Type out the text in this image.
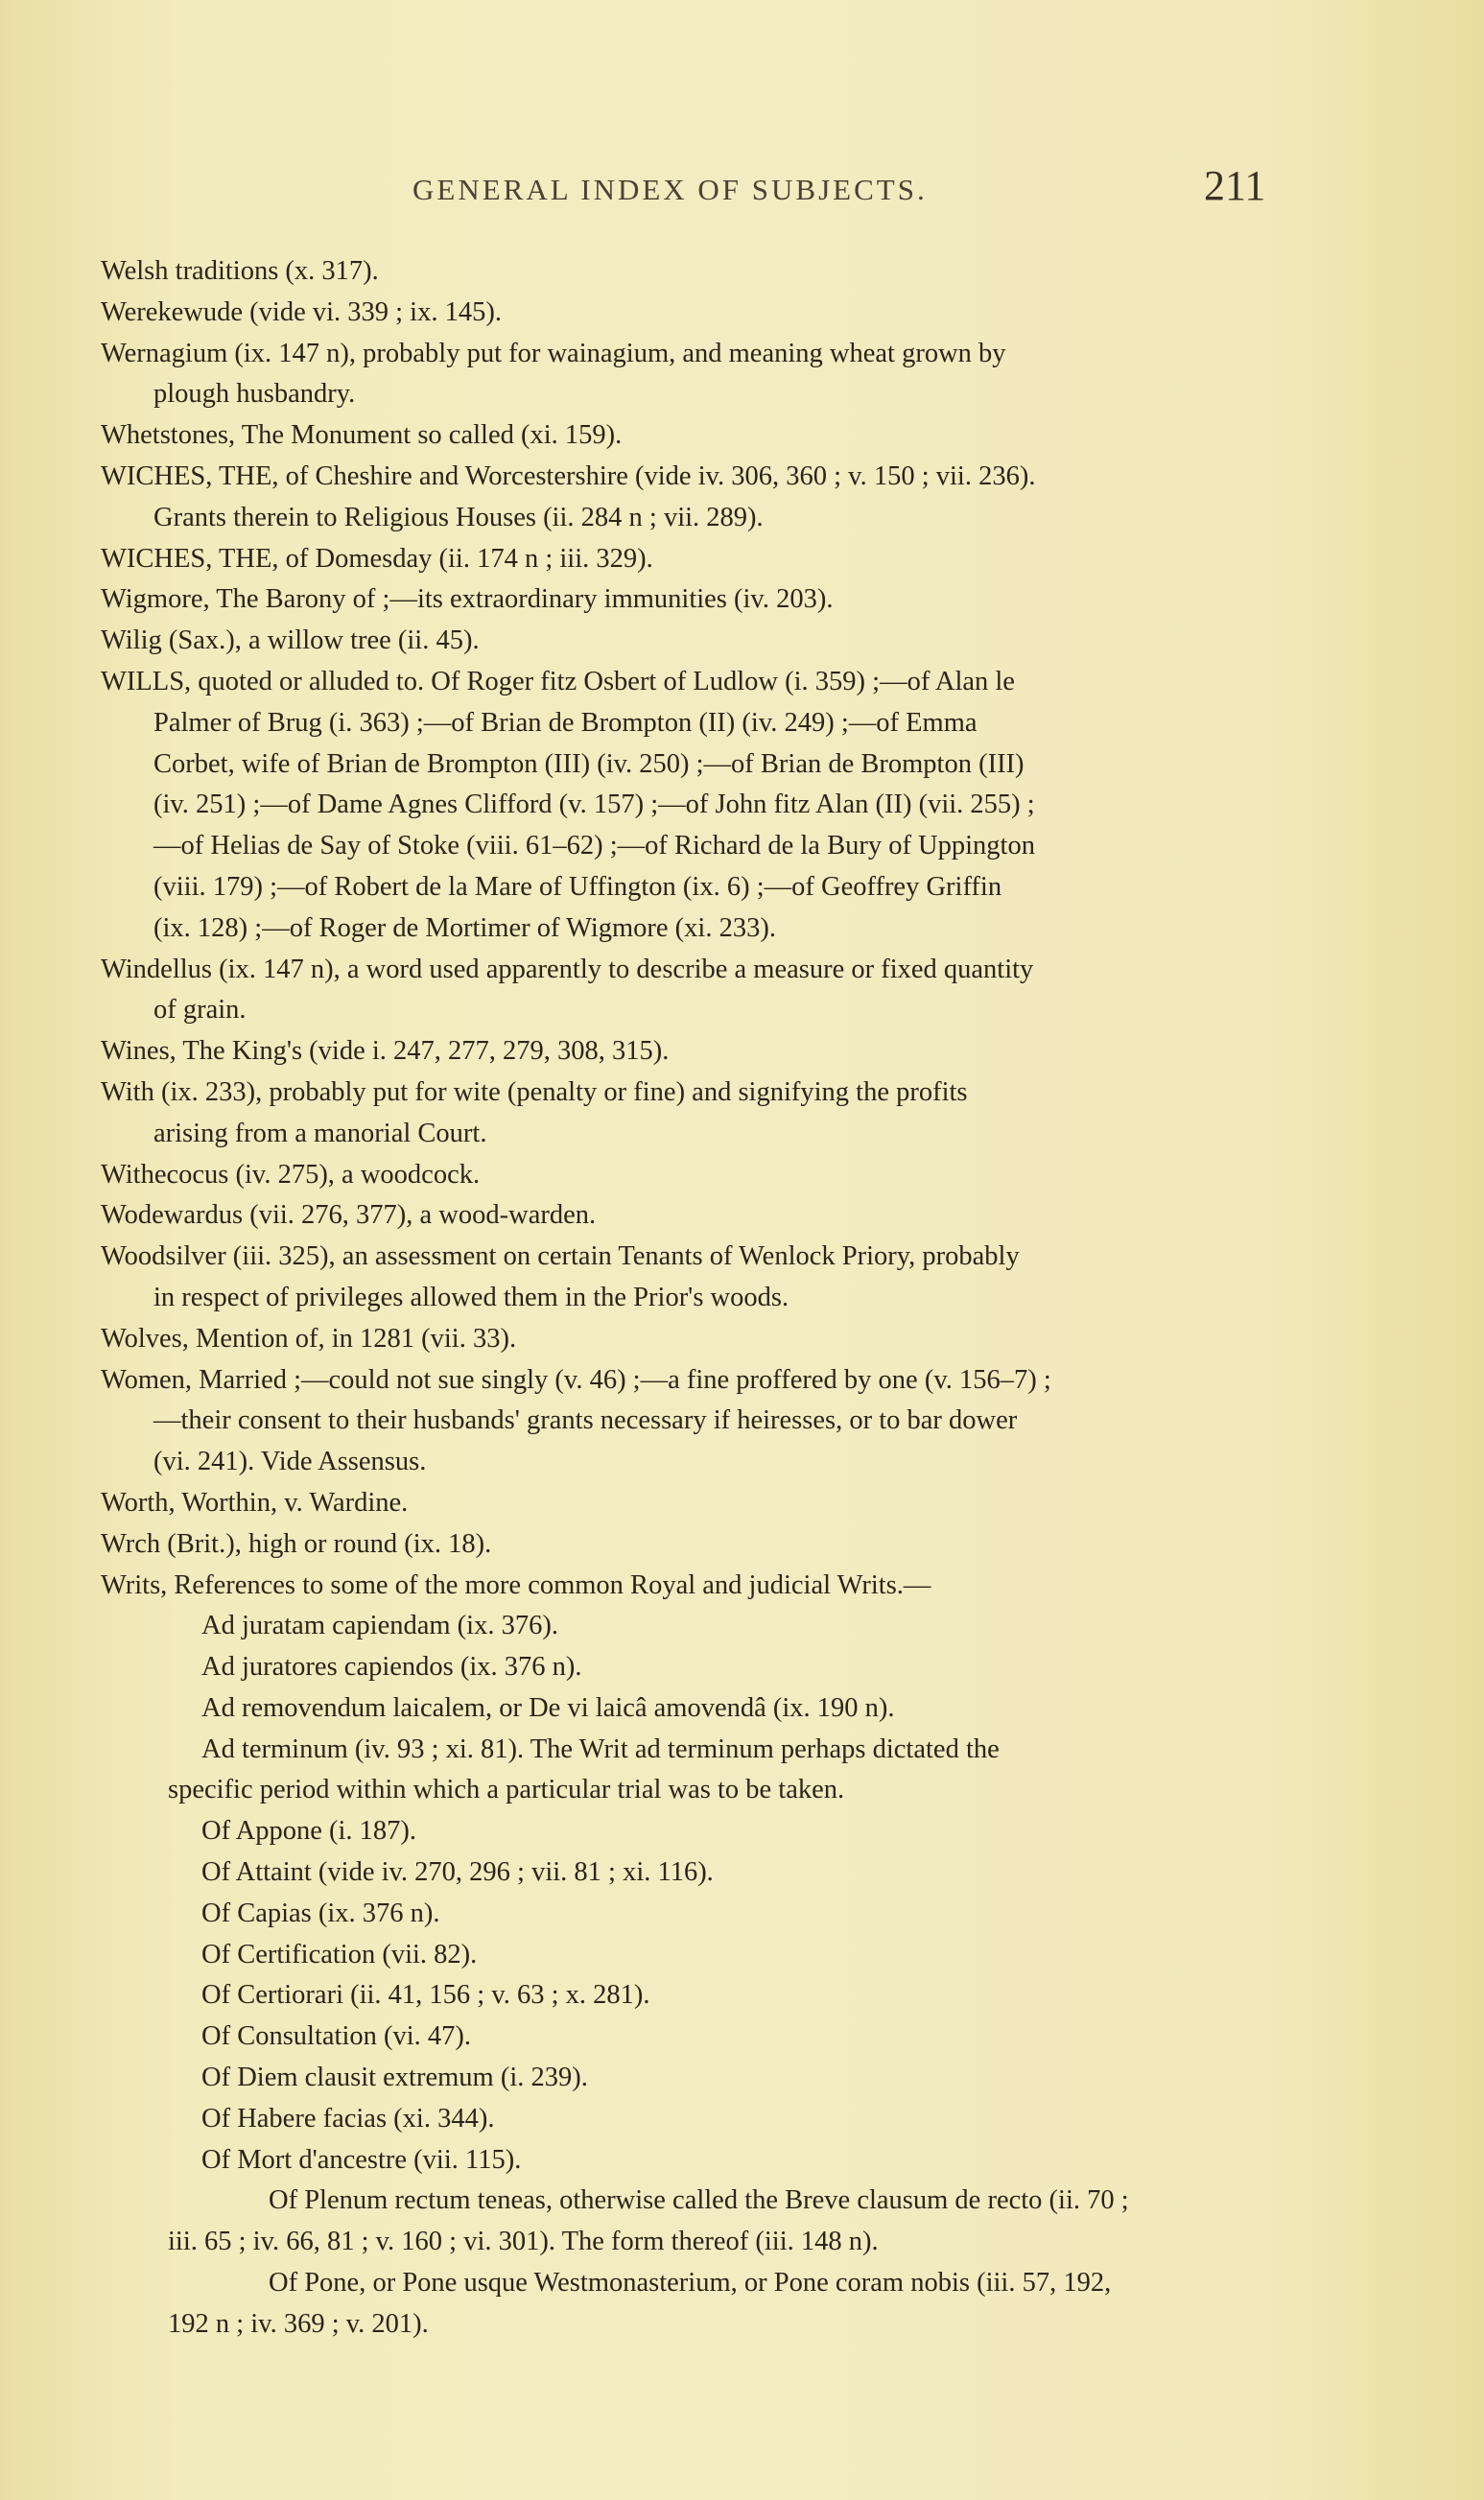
GENERAL INDEX OF SUBJECTS.	211

Welsh traditions (x. 317).

Werekewude (vide vi. 339 ; ix. 145).

Wernagium (ix. 147 n), probably put for wainagium, and meaning wheat grown by
plough husbandry.

Whetstones, The Monument so called (xi. 159).

WICHES, THE, of Cheshire and Worcestershire (vide iv. 306, 360 ; v. 150 ; vii. 236).
Grants therein to Religious Houses (ii. 284 n ; vii. 289).

WICHES, THE, of Domesday (ii. 174 n ; iii. 329).

Wigmore, The Barony of ;—its extraordinary immunities (iv. 203).

Wilig (Sax.), a willow tree (ii. 45).

WILLS, quoted or alluded to. Of Roger fitz Osbert of Ludlow (i. 359) ;—of Alan le
Palmer of Brug (i. 363) ;—of Brian de Brompton (II) (iv. 249) ;—of Emma
Corbet, wife of Brian de Brompton (III) (iv. 250) ;—of Brian de Brompton (III)
(iv. 251) ;—of Dame Agnes Clifford (v. 157) ;—of John fitz Alan (II) (vii. 255) ;
—of Helias de Say of Stoke (viii. 61–62) ;—of Richard de la Bury of Uppington
(viii. 179) ;—of Robert de la Mare of Uffington (ix. 6) ;—of Geoffrey Griffin
(ix. 128) ;—of Roger de Mortimer of Wigmore (xi. 233).

Windellus (ix. 147 n), a word used apparently to describe a measure or fixed quantity
of grain.

Wines, The King's (vide i. 247, 277, 279, 308, 315).

With (ix. 233), probably put for wite (penalty or fine) and signifying the profits
arising from a manorial Court.

Withecocus (iv. 275), a woodcock.

Wodewardus (vii. 276, 377), a wood-warden.

Woodsilver (iii. 325), an assessment on certain Tenants of Wenlock Priory, probably
in respect of privileges allowed them in the Prior's woods.

Wolves, Mention of, in 1281 (vii. 33).

Women, Married ;—could not sue singly (v. 46) ;—a fine proffered by one (v. 156–7) ;
—their consent to their husbands' grants necessary if heiresses, or to bar dower
(vi. 241). Vide Assensus.

Worth, Worthin, v. Wardine.

Wrch (Brit.), high or round (ix. 18).

Writs, References to some of the more common Royal and judicial Writs.—

Ad juratam capiendam (ix. 376).

Ad juratores capiendos (ix. 376 n).

Ad removendum laicalem, or De vi laicâ amovendâ (ix. 190 n).

Ad terminum (iv. 93 ; xi. 81). The Writ ad terminum perhaps dictated the
specific period within which a particular trial was to be taken.

Of Appone (i. 187).

Of Attaint (vide iv. 270, 296 ; vii. 81 ; xi. 116).

Of Capias (ix. 376 n).

Of Certification (vii. 82).

Of Certiorari (ii. 41, 156 ; v. 63 ; x. 281).

Of Consultation (vi. 47).

Of Diem clausit extremum (i. 239).

Of Habere facias (xi. 344).

Of Mort d'ancestre (vii. 115).

Of Plenum rectum teneas, otherwise called the Breve clausum de recto (ii. 70 ;
iii. 65 ; iv. 66, 81 ; v. 160 ; vi. 301). The form thereof (iii. 148 n).

Of Pone, or Pone usque Westmonasterium, or Pone coram nobis (iii. 57, 192,
192 n ; iv. 369 ; v. 201).
